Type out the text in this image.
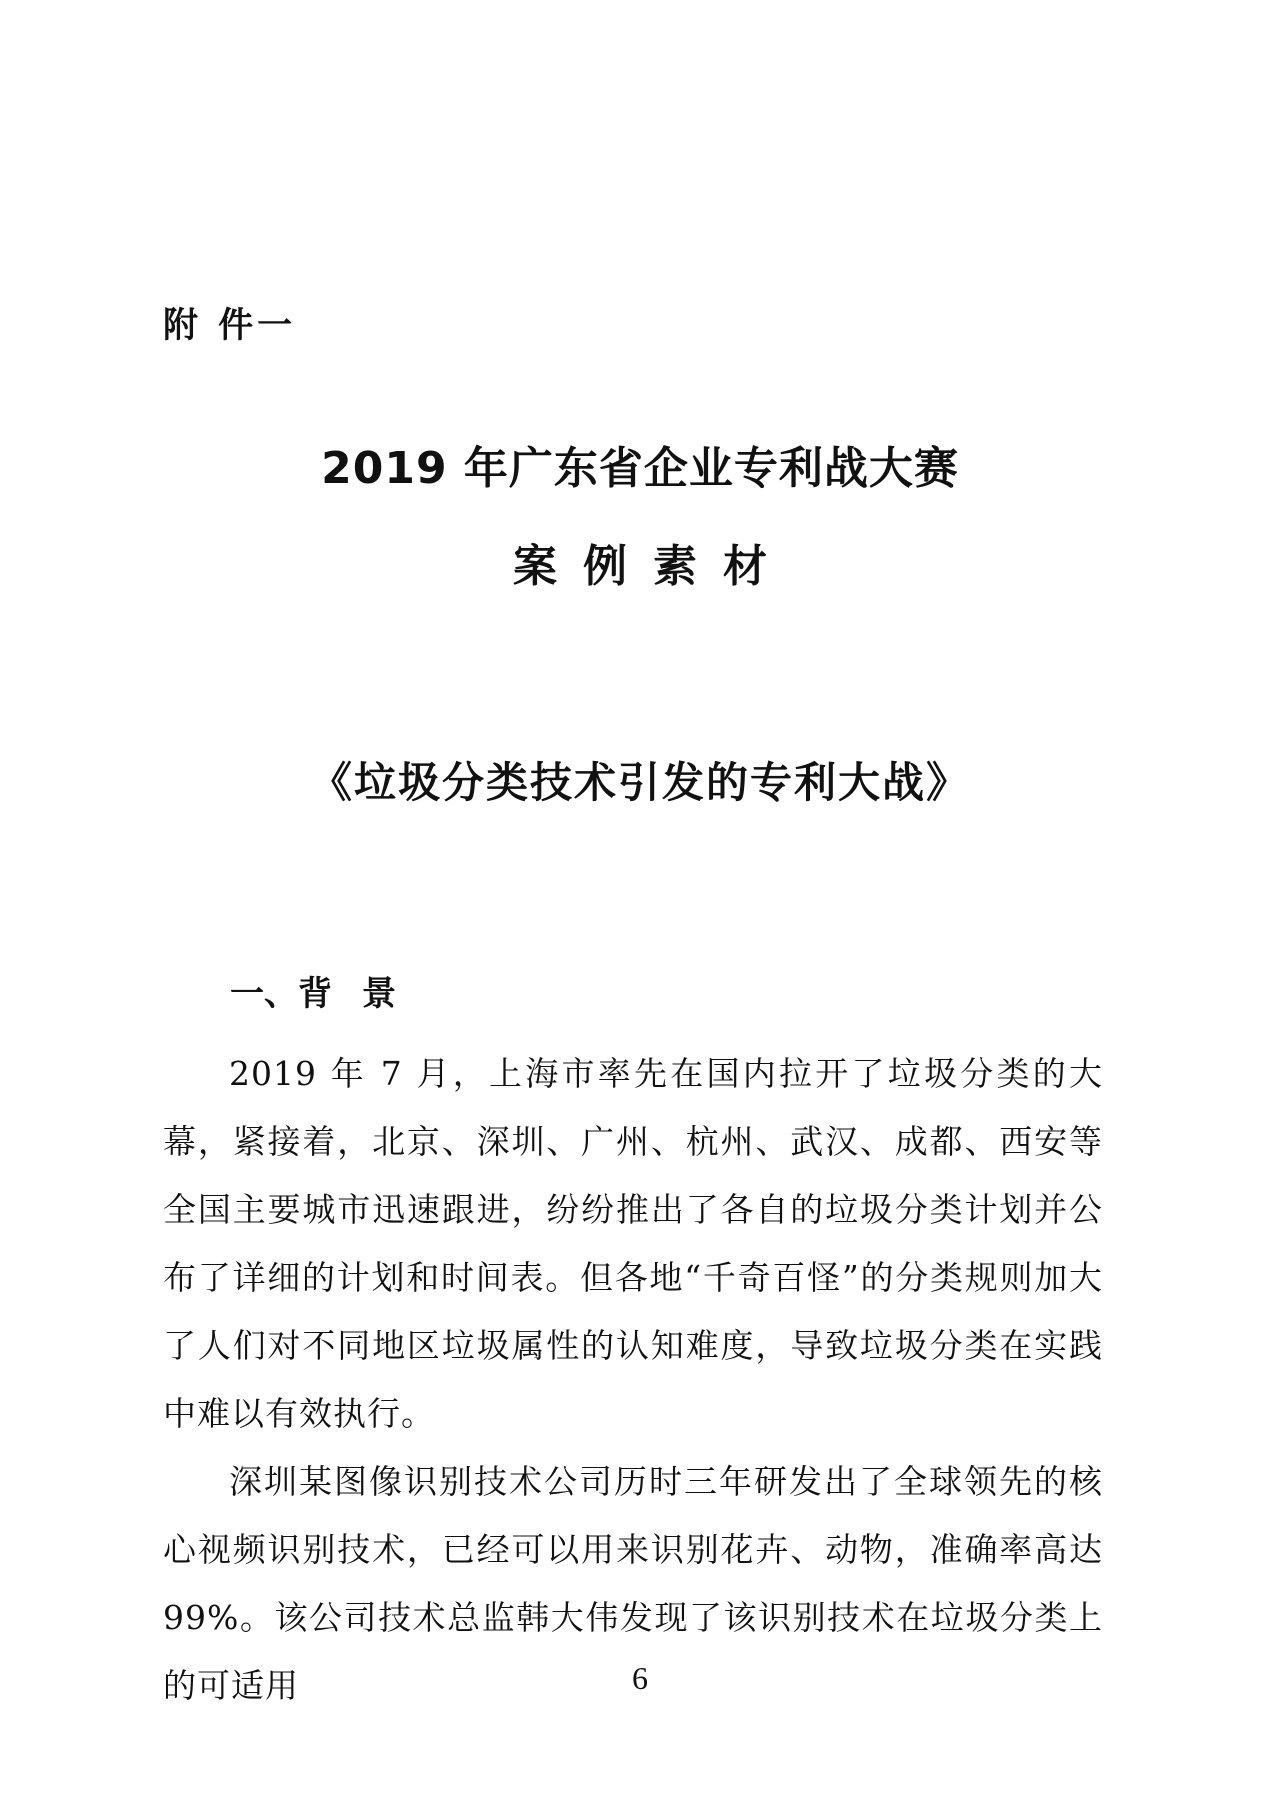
附 件一
2019 年广东省企业专利战大赛
案例素材
《垃圾分类技术引发的专利大战》
一、背 景

2019 年 7 月，上海市率先在国内拉开了垃圾分类的大幕，紧接着，北京、深圳、广州、杭州、武汉、成都、西安等全国主要城市迅速跟进，纷纷推出了各自的垃圾分类计划并公布了详细的计划和时间表。但各地“千奇百怪”的分类规则加大了人们对不同地区垃圾属性的认知难度，导致垃圾分类在实践中难以有效执行。

深圳某图像识别技术公司历时三年研发出了全球领先的核心视频识别技术，已经可以用来识别花卉、动物，准确率高达 99%。该公司技术总监韩大伟发现了该识别技术在垃圾分类上的可适用	6
